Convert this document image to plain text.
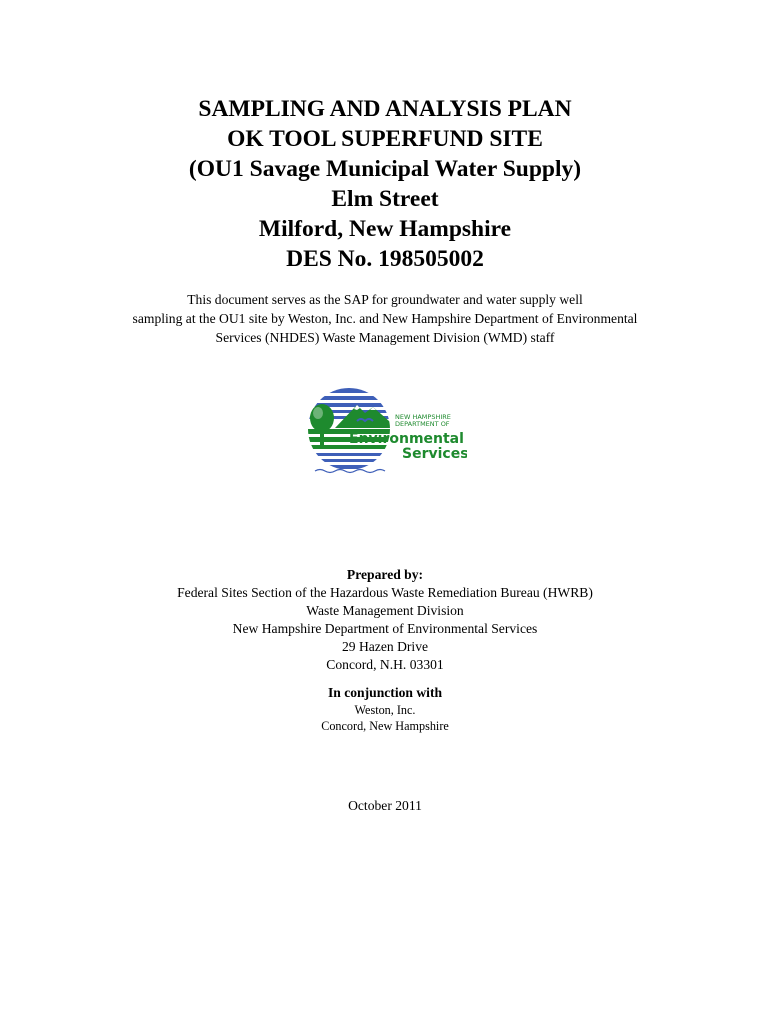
SAMPLING AND ANALYSIS PLAN

OK TOOL SUPERFUND SITE

(OU1 Savage Municipal Water Supply)

Elm Street

Milford, New Hampshire

DES No. 198505002

This document serves as the SAP for groundwater and water supply well

sampling at the OU1 site by Weston, Inc. and New Hampshire Department of Environmental

Services (NHDES) Waste Management Division (WMD) staff

NEW HAMPSHIRE
DEPARTMENT OF
Environmental
Services

Prepared by:

Federal Sites Section of the Hazardous Waste Remediation Bureau (HWRB)

Waste Management Division

New Hampshire Department of Environmental Services

29 Hazen Drive

Concord, N.H. 03301

In conjunction with

Weston, Inc.

Concord, New Hampshire

October 2011
